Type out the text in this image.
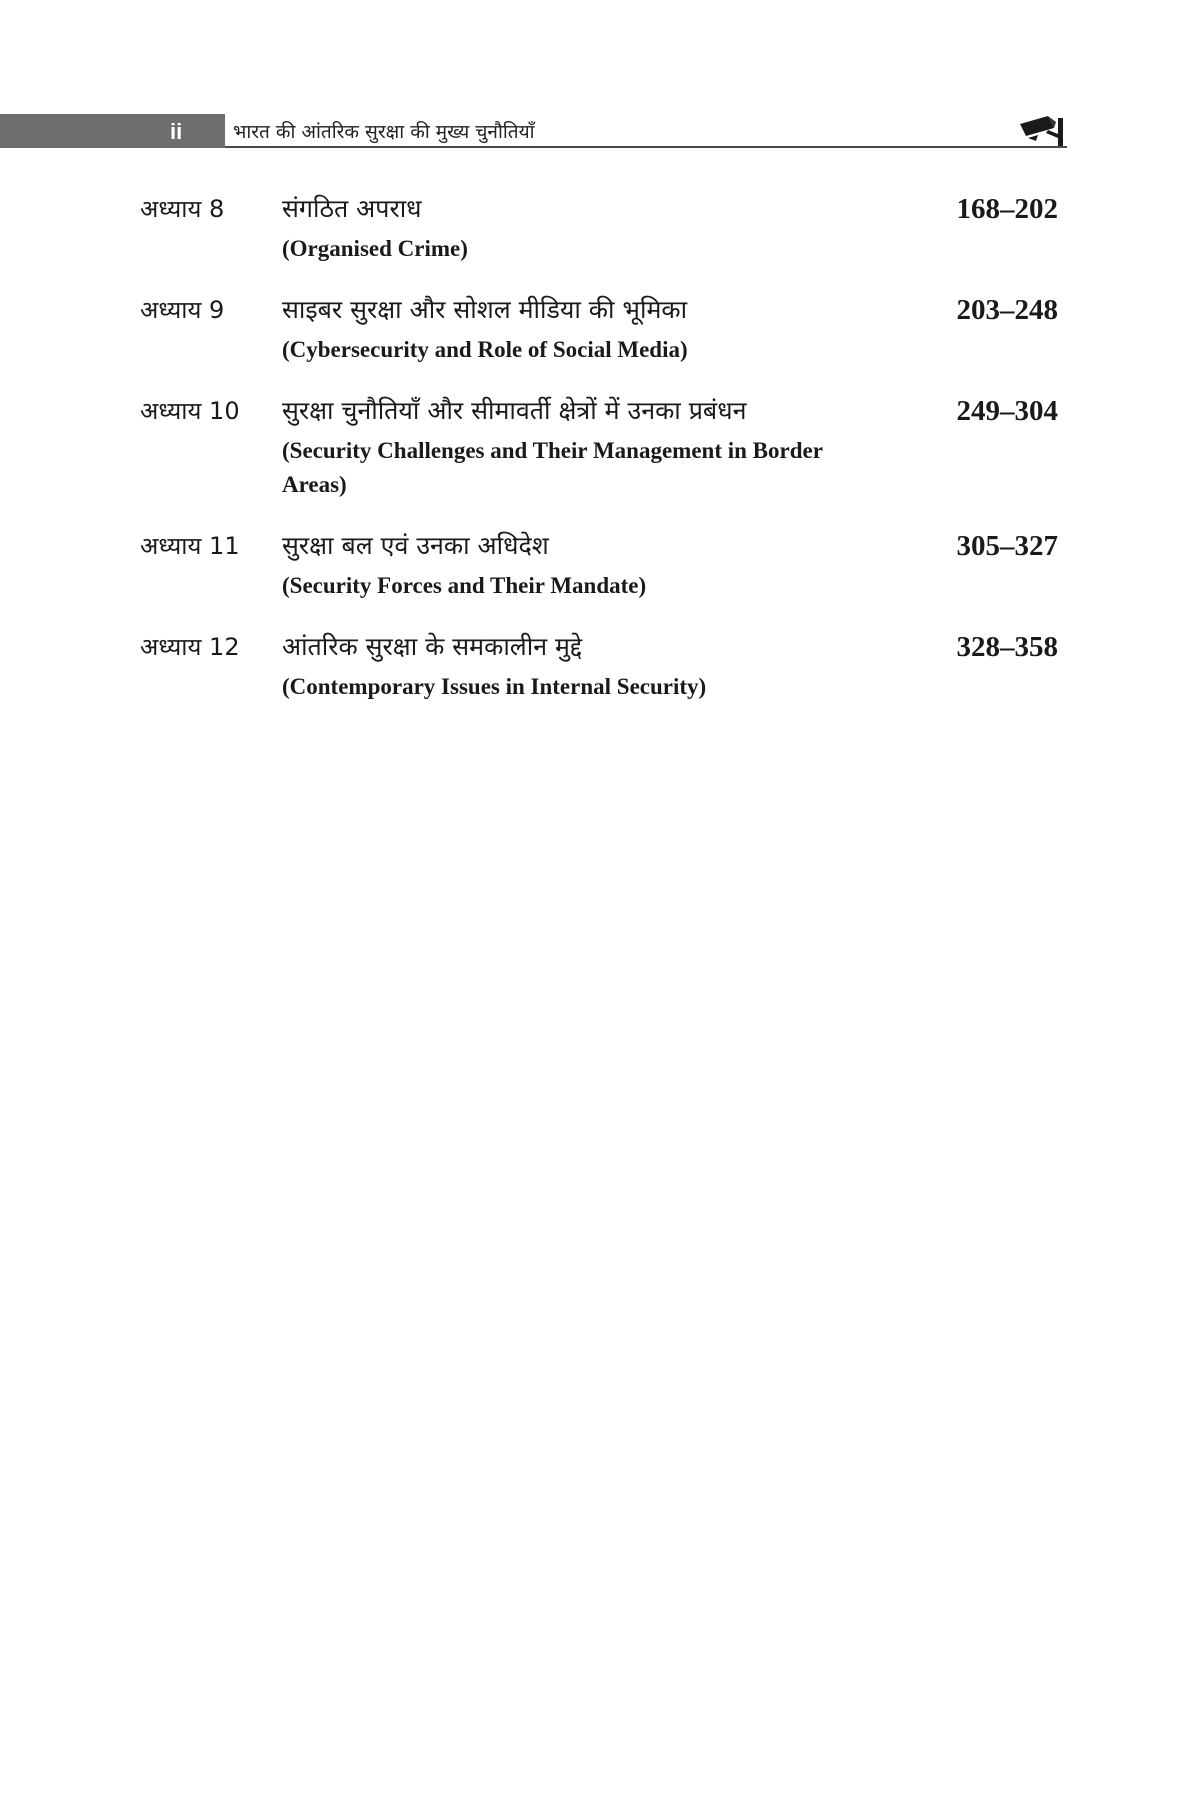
ii	भारत की आंतरिक सुरक्षा की मुख्य चुनौतियाँ
अध्याय 8 संगठित अपराध	168–202
(Organised Crime)
अध्याय 9 साइबर सुरक्षा और सोशल मीडिया की भूमिका	203–248
(Cybersecurity and Role of Social Media)
अध्याय 10 सुरक्षा चुनौतियाँ और सीमावर्ती क्षेत्रों में उनका प्रबंधन	249–304
(Security Challenges and Their Management in Border Areas)
अध्याय 11 सुरक्षा बल एवं उनका अधिदेश	305–327
(Security Forces and Their Mandate)
अध्याय 12 आंतरिक सुरक्षा के समकालीन मुद्दे	328–358
(Contemporary Issues in Internal Security)
